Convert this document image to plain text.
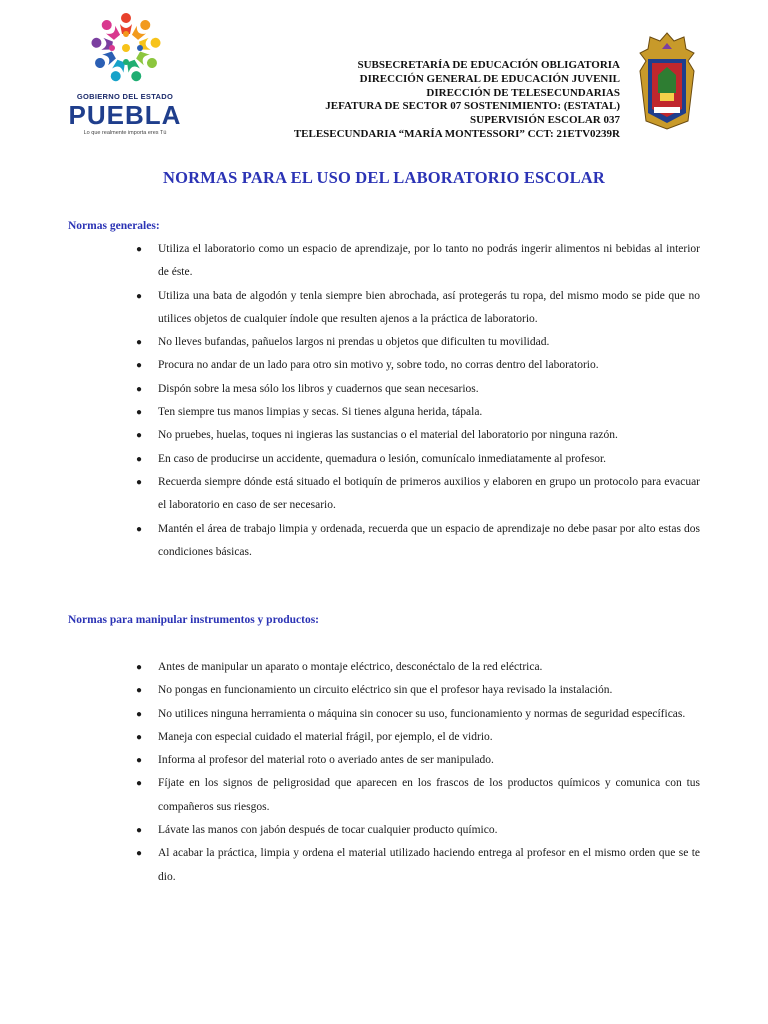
GOBIERNO DEL ESTADO
PUEBLA
Lo que realmente importa eres Tú
SUBSECRETARÍA DE EDUCACIÓN OBLIGATORIA
DIRECCIÓN GENERAL DE EDUCACIÓN JUVENIL
DIRECCIÓN DE TELESECUNDARIAS
JEFATURA DE SECTOR 07 SOSTENIMIENTO: (ESTATAL)
SUPERVISIÓN ESCOLAR 037
TELESECUNDARIA “MARÍA MONTESSORI” CCT: 21ETV0239R
NORMAS PARA EL USO DEL LABORATORIO ESCOLAR
Normas generales:
● Utiliza el laboratorio como un espacio de aprendizaje, por lo tanto no podrás ingerir alimentos ni bebidas al interior de éste.
● Utiliza una bata de algodón y tenla siempre bien abrochada, así protegerás tu ropa, del mismo modo se pide que no utilices objetos de cualquier índole que resulten ajenos a la práctica de laboratorio.
● No lleves bufandas, pañuelos largos ni prendas u objetos que dificulten tu movilidad.
● Procura no andar de un lado para otro sin motivo y, sobre todo, no corras dentro del laboratorio.
● Dispón sobre la mesa sólo los libros y cuadernos que sean necesarios.
● Ten siempre tus manos limpias y secas. Si tienes alguna herida, tápala.
● No pruebes, huelas, toques ni ingieras las sustancias o el material del laboratorio por ninguna razón.
● En caso de producirse un accidente, quemadura o lesión, comunícalo inmediatamente al profesor.
● Recuerda siempre dónde está situado el botiquín de primeros auxilios y elaboren en grupo un protocolo para evacuar el laboratorio en caso de ser necesario.
● Mantén el área de trabajo limpia y ordenada, recuerda que un espacio de aprendizaje no debe pasar por alto estas dos condiciones básicas.
Normas para manipular instrumentos y productos:
● Antes de manipular un aparato o montaje eléctrico, desconéctalo de la red eléctrica.
● No pongas en funcionamiento un circuito eléctrico sin que el profesor haya revisado la instalación.
● No utilices ninguna herramienta o máquina sin conocer su uso, funcionamiento y normas de seguridad específicas.
● Maneja con especial cuidado el material frágil, por ejemplo, el de vidrio.
● Informa al profesor del material roto o averiado antes de ser manipulado.
● Fíjate en los signos de peligrosidad que aparecen en los frascos de los productos químicos y comunica con tus compañeros sus riesgos.
● Lávate las manos con jabón después de tocar cualquier producto químico.
● Al acabar la práctica, limpia y ordena el material utilizado haciendo entrega al profesor en el mismo orden que se te dio.
